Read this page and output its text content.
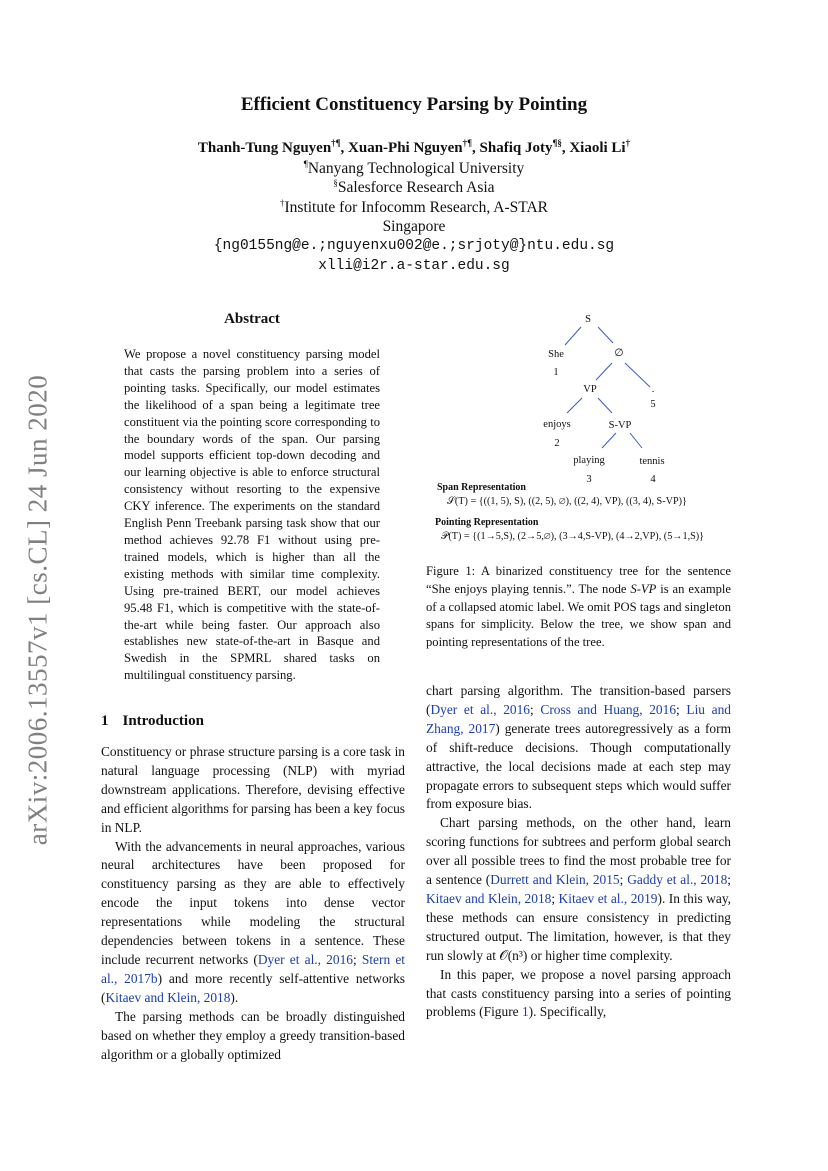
arXiv:2006.13557v1 [cs.CL] 24 Jun 2020
Efficient Constituency Parsing by Pointing
Thanh-Tung Nguyen†¶, Xuan-Phi Nguyen†¶, Shafiq Joty¶§, Xiaoli Li†
¶Nanyang Technological University
§Salesforce Research Asia
†Institute for Infocomm Research, A-STAR
Singapore
{ng0155ng@e.;nguyenxu002@e.;srjoty@}ntu.edu.sg
xlli@i2r.a-star.edu.sg
Abstract
We propose a novel constituency parsing model that casts the parsing problem into a series of pointing tasks. Specifically, our model estimates the likelihood of a span being a legitimate tree constituent via the pointing score corresponding to the boundary words of the span. Our parsing model supports efficient top-down decoding and our learning objective is able to enforce structural consistency without resorting to the expensive CKY inference. The experiments on the standard English Penn Treebank parsing task show that our method achieves 92.78 F1 without using pre-trained models, which is higher than all the existing methods with similar time complexity. Using pre-trained BERT, our model achieves 95.48 F1, which is competitive with the state-of-the-art while being faster. Our approach also establishes new state-of-the-art in Basque and Swedish in the SPMRL shared tasks on multilingual constituency parsing.
1 Introduction

Constituency or phrase structure parsing is a core task in natural language processing (NLP) with myriad downstream applications. Therefore, devising effective and efficient algorithms for parsing has been a key focus in NLP.

With the advancements in neural approaches, various neural architectures have been proposed for constituency parsing as they are able to effectively encode the input tokens into dense vector representations while modeling the structural dependencies between tokens in a sentence. These include recurrent networks (Dyer et al., 2016; Stern et al., 2017b) and more recently self-attentive networks (Kitaev and Klein, 2018).

The parsing methods can be broadly distinguished based on whether they employ a greedy transition-based algorithm or a globally optimized

S
She
1
∅
VP	.
5
enjoys
2
S-VP
playing
3
tennis
4
Span Representation
𝒮(T) = {((1, 5), S), ((2, 5), ∅), ((2, 4), VP), ((3, 4), S-VP)}
Pointing Representation
𝒫(T) = {(1→5,S), (2→5,∅), (3→4,S-VP), (4→2,VP), (5→1,S)}
Figure 1: A binarized constituency tree for the sentence “She enjoys playing tennis.”. The node S-VP is an example of a collapsed atomic label. We omit POS tags and singleton spans for simplicity. Below the tree, we show span and pointing representations of the tree.

chart parsing algorithm. The transition-based parsers (Dyer et al., 2016; Cross and Huang, 2016; Liu and Zhang, 2017) generate trees autoregressively as a form of shift-reduce decisions. Though computationally attractive, the local decisions made at each step may propagate errors to subsequent steps which would suffer from exposure bias.

Chart parsing methods, on the other hand, learn scoring functions for subtrees and perform global search over all possible trees to find the most probable tree for a sentence (Durrett and Klein, 2015; Gaddy et al., 2018; Kitaev and Klein, 2018; Kitaev et al., 2019). In this way, these methods can ensure consistency in predicting structured output. The limitation, however, is that they run slowly at 𝒪(n³) or higher time complexity.

In this paper, we propose a novel parsing approach that casts constituency parsing into a series of pointing problems (Figure 1). Specifically,
